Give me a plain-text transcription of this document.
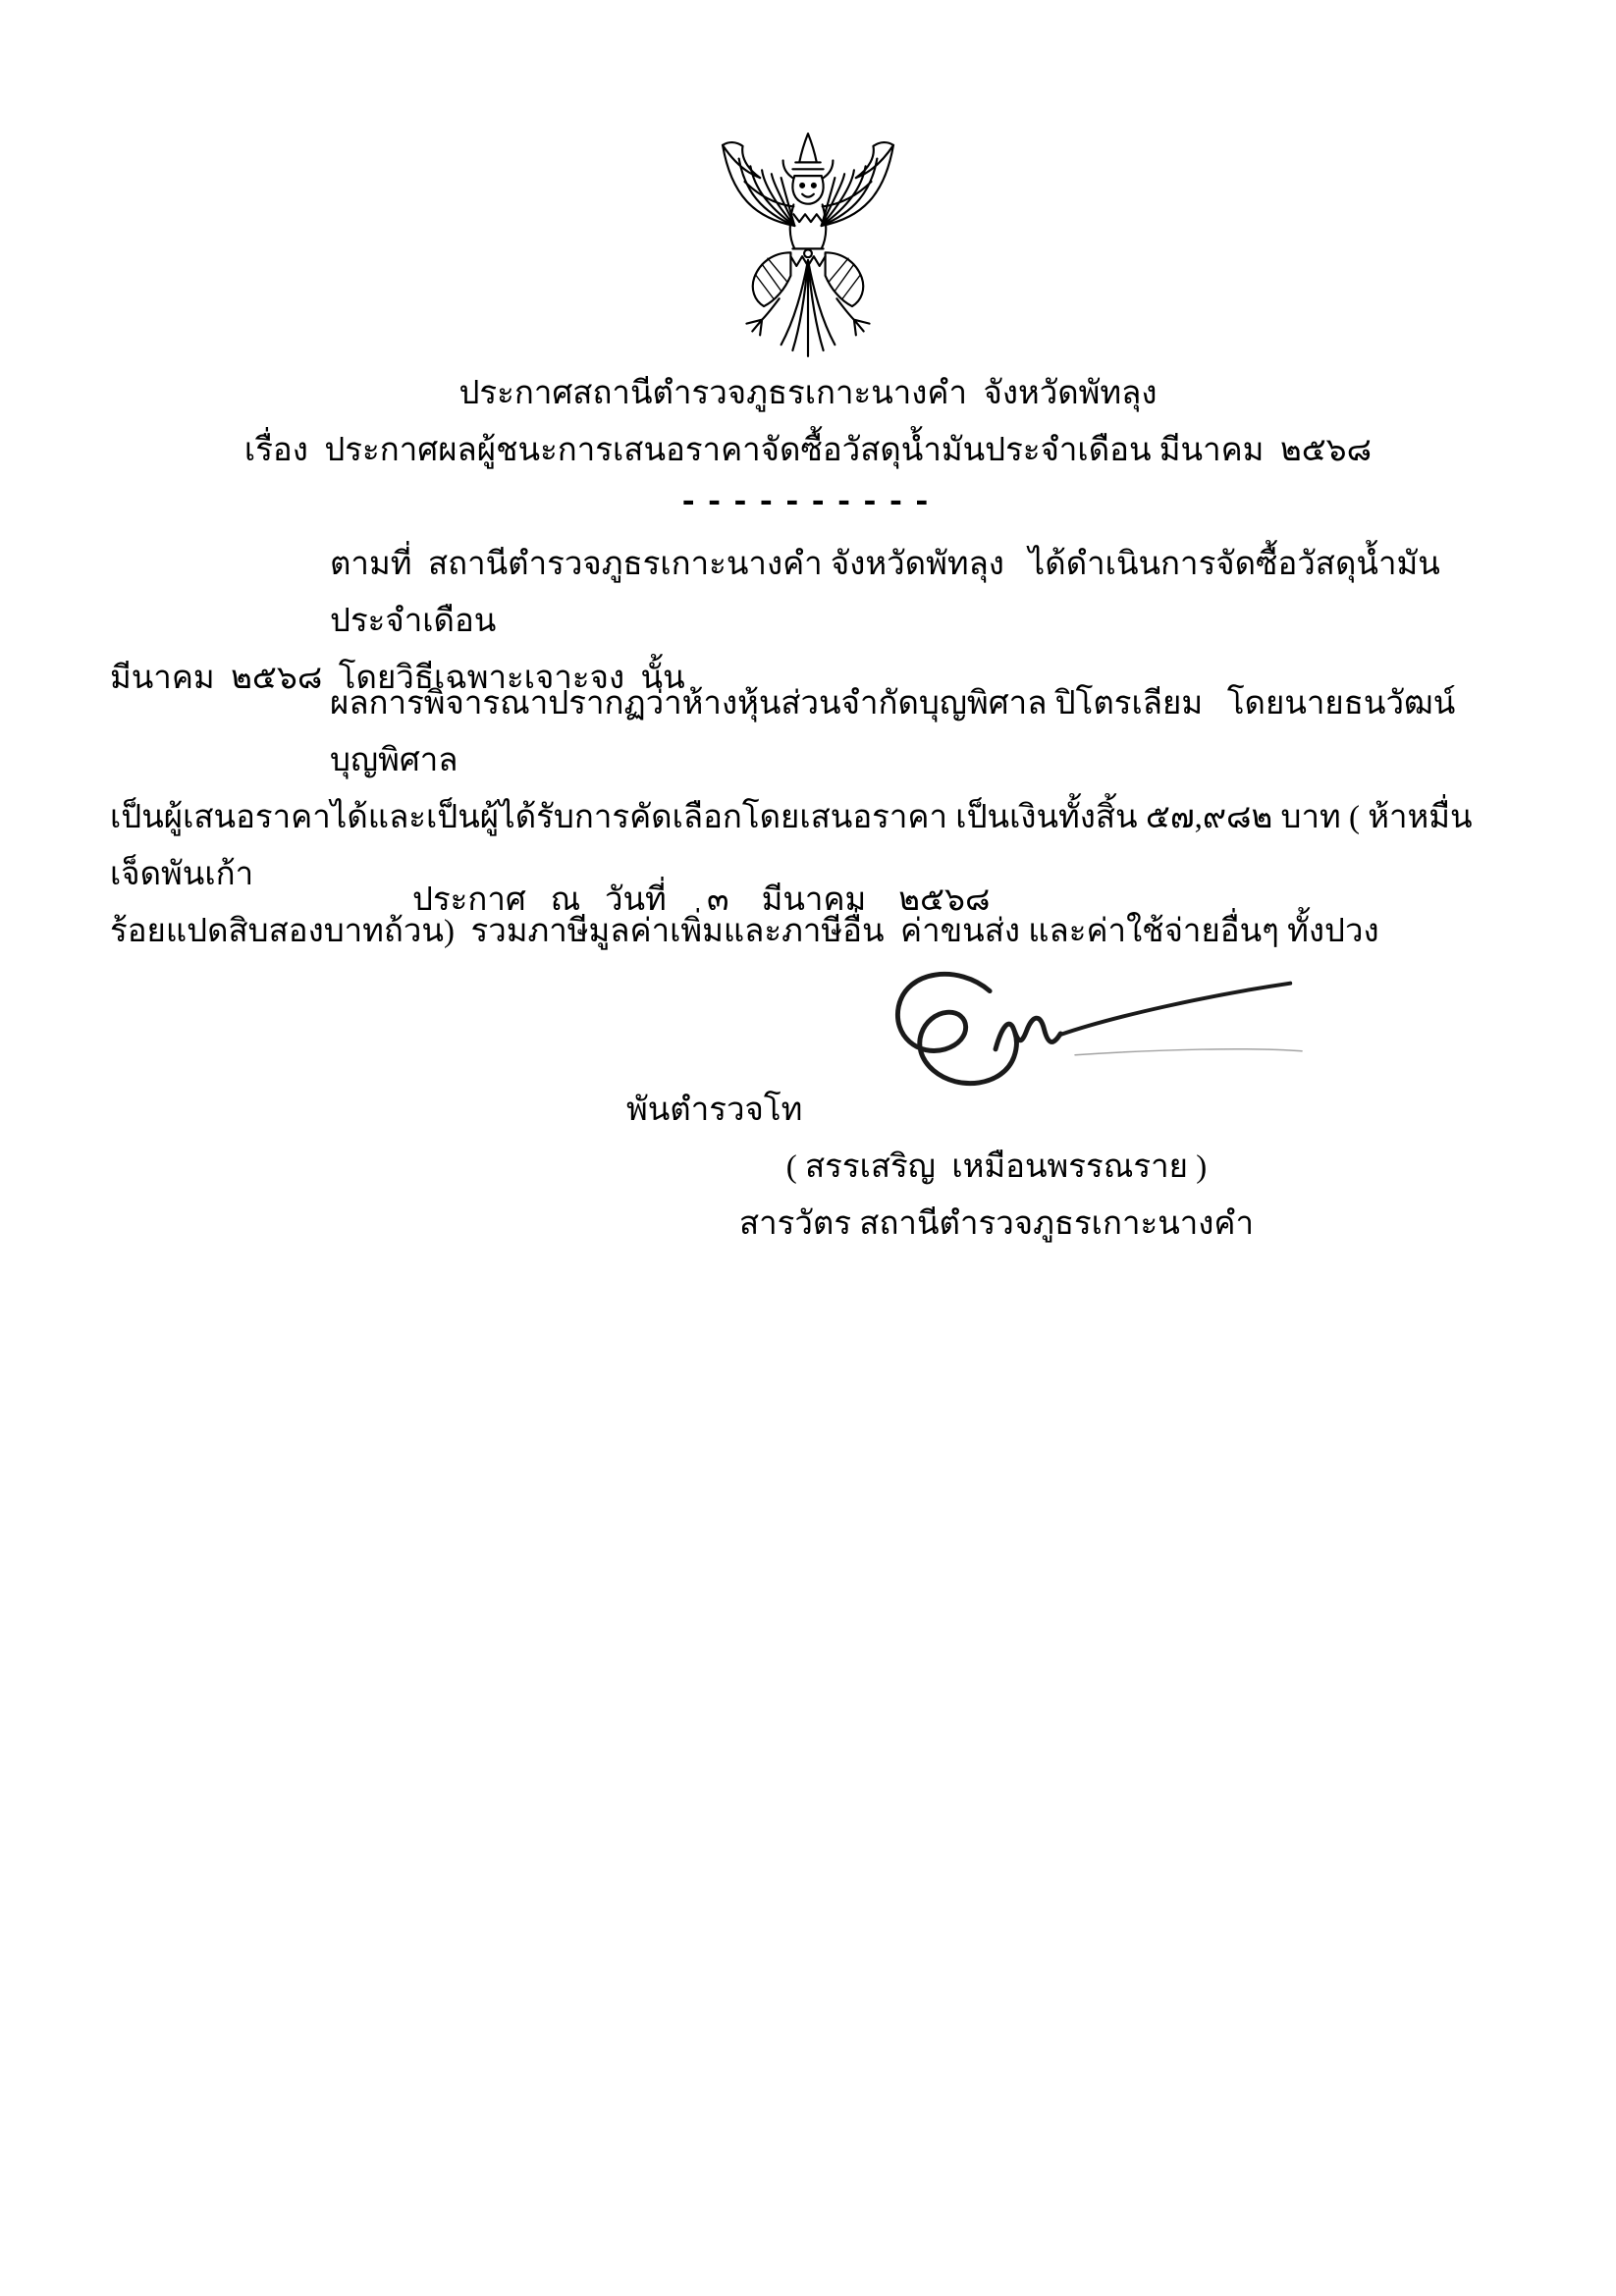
ประกาศสถานีตำรวจภูธรเกาะนางคำ  จังหวัดพัทลุง
เรื่อง  ประกาศผลผู้ชนะการเสนอราคาจัดซื้อวัสดุน้ำมันประจำเดือน มีนาคม  ๒๕๖๘
----------
ตามที่  สถานีตำรวจภูธรเกาะนางคำ จังหวัดพัทลุง   ได้ดำเนินการจัดซื้อวัสดุน้ำมันประจำเดือน
มีนาคม  ๒๕๖๘  โดยวิธีเฉพาะเจาะจง  นั้น
ผลการพิจารณาปรากฏว่าห้างหุ้นส่วนจำกัดบุญพิศาล ปิโตรเลียม   โดยนายธนวัฒน์ บุญพิศาล
เป็นผู้เสนอราคาได้และเป็นผู้ได้รับการคัดเลือกโดยเสนอราคา เป็นเงินทั้งสิ้น ๕๗,๙๘๒ บาท ( ห้าหมื่นเจ็ดพันเก้า
ร้อยแปดสิบสองบาทถ้วน)  รวมภาษีมูลค่าเพิ่มและภาษีอื่น  ค่าขนส่ง และค่าใช้จ่ายอื่นๆ ทั้งปวง
ประกาศ   ณ   วันที่     ๓    มีนาคม    ๒๕๖๘
พันตำรวจโท
( สรรเสริญ  เหมือนพรรณราย )
สารวัตร สถานีตำรวจภูธรเกาะนางคำ
